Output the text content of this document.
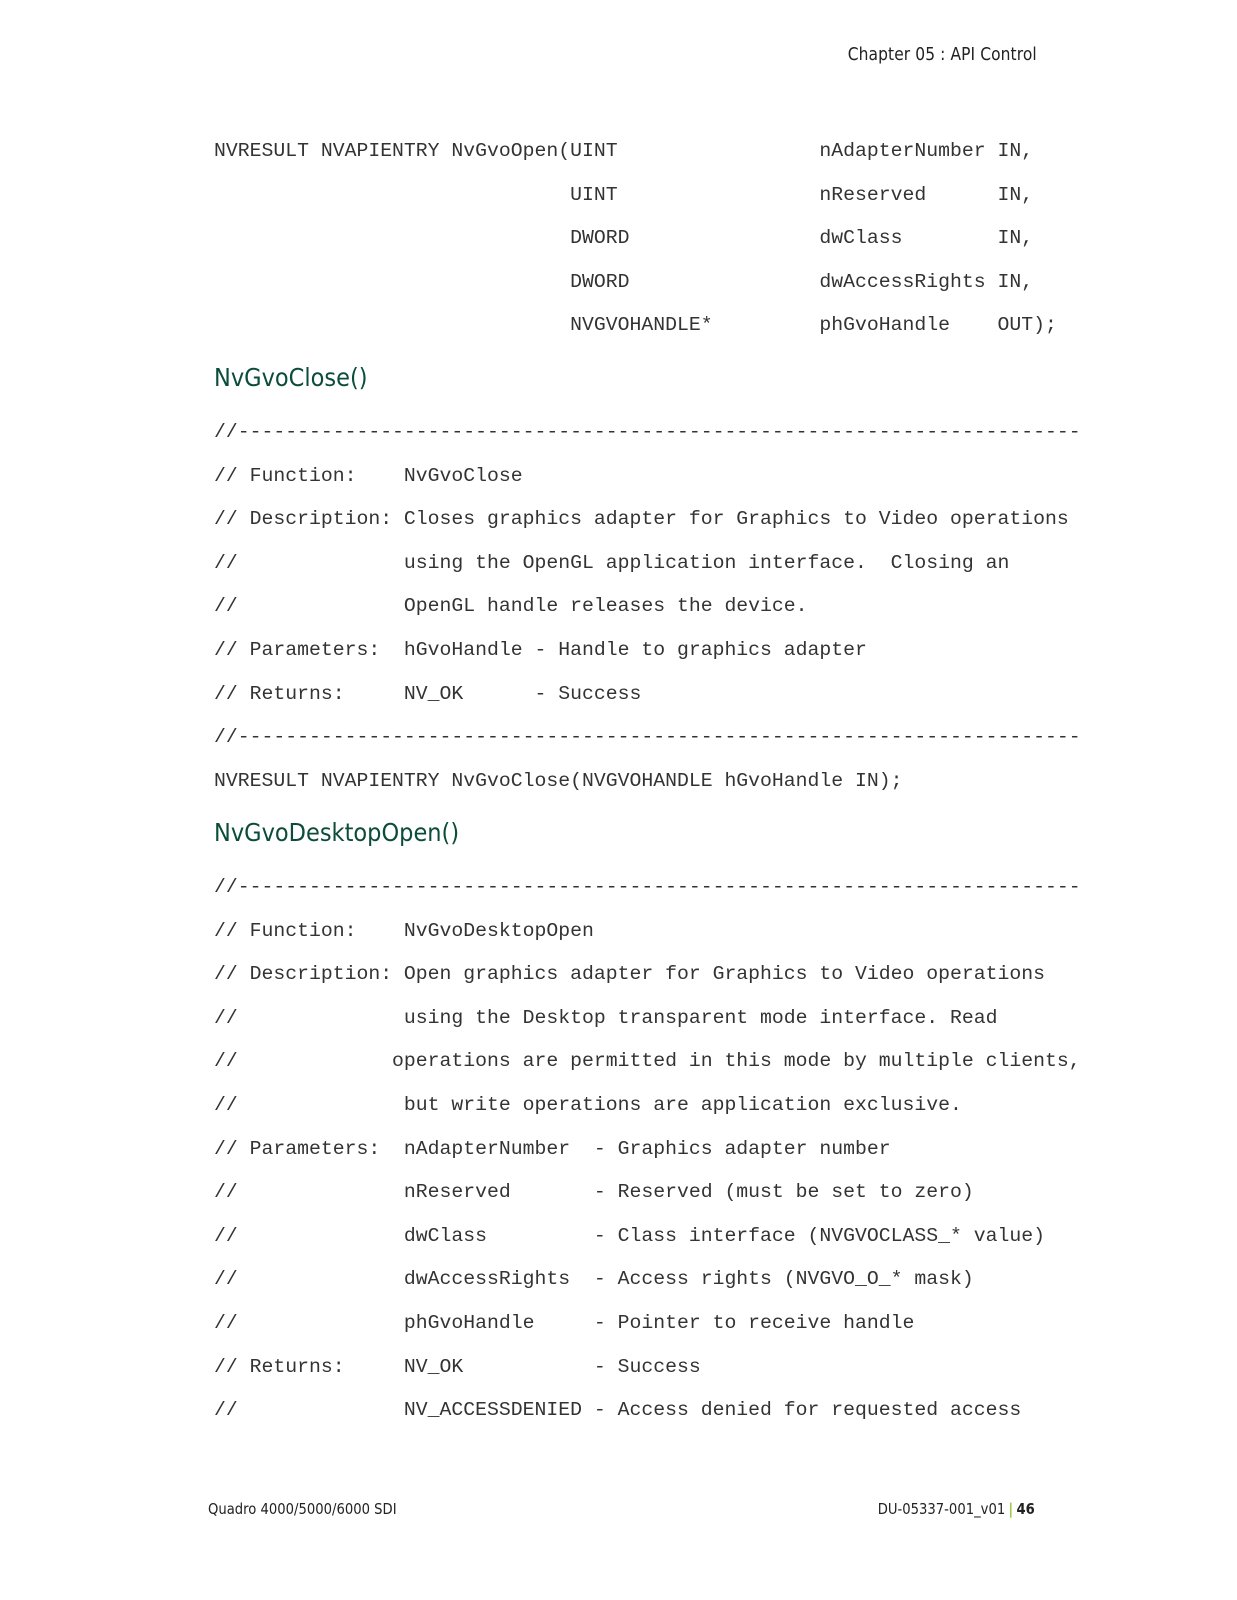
Chapter 05 : API Control
NVRESULT NVAPIENTRY NvGvoOpen(UINT                 nAdapterNumber IN,
UINT                 nReserved      IN,
DWORD                dwClass        IN,
DWORD                dwAccessRights IN,
NVGVOHANDLE*         phGvoHandle    OUT);
NvGvoClose()
//-----------------------------------------------------------------------
// Function:    NvGvoClose
// Description: Closes graphics adapter for Graphics to Video operations
//              using the OpenGL application interface.  Closing an
//              OpenGL handle releases the device.
// Parameters:  hGvoHandle - Handle to graphics adapter
// Returns:     NV_OK      - Success
//-----------------------------------------------------------------------
NVRESULT NVAPIENTRY NvGvoClose(NVGVOHANDLE hGvoHandle IN);
NvGvoDesktopOpen()
//-----------------------------------------------------------------------
// Function:    NvGvoDesktopOpen
// Description: Open graphics adapter for Graphics to Video operations
//              using the Desktop transparent mode interface. Read
//             operations are permitted in this mode by multiple clients,
//              but write operations are application exclusive.
// Parameters:  nAdapterNumber  - Graphics adapter number
//              nReserved       - Reserved (must be set to zero)
//              dwClass         - Class interface (NVGVOCLASS_* value)
//              dwAccessRights  - Access rights (NVGVO_O_* mask)
//              phGvoHandle     - Pointer to receive handle
// Returns:     NV_OK           - Success
//              NV_ACCESSDENIED - Access denied for requested access
Quadro 4000/5000/6000 SDI	DU-05337-001_v01 | 46
